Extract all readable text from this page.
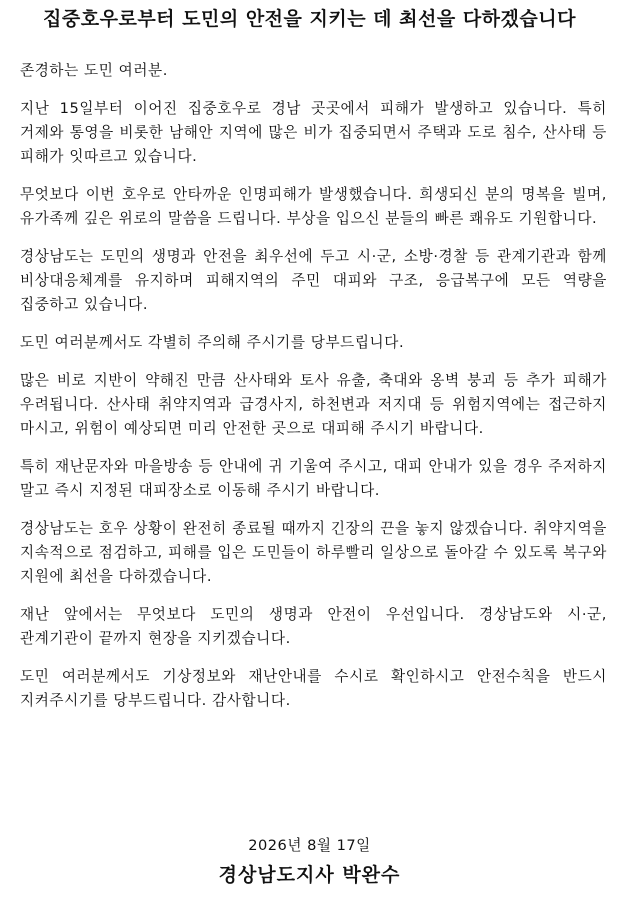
집중호우로부터 도민의 안전을 지키는 데 최선을 다하겠습니다

존경하는 도민 여러분.

지난 15일부터 이어진 집중호우로 경남 곳곳에서 피해가 발생하고 있습니다. 특히 거제와 통영을 비롯한 남해안 지역에 많은 비가 집중되면서 주택과 도로 침수, 산사태 등 피해가 잇따르고 있습니다.

무엇보다 이번 호우로 안타까운 인명피해가 발생했습니다. 희생되신 분의 명복을 빌며, 유가족께 깊은 위로의 말씀을 드립니다. 부상을 입으신 분들의 빠른 쾌유도 기원합니다.

경상남도는 도민의 생명과 안전을 최우선에 두고 시·군, 소방·경찰 등 관계기관과 함께 비상대응체계를 유지하며 피해지역의 주민 대피와 구조, 응급복구에 모든 역량을 집중하고 있습니다.

도민 여러분께서도 각별히 주의해 주시기를 당부드립니다.

많은 비로 지반이 약해진 만큼 산사태와 토사 유출, 축대와 옹벽 붕괴 등 추가 피해가 우려됩니다. 산사태 취약지역과 급경사지, 하천변과 저지대 등 위험지역에는 접근하지 마시고, 위험이 예상되면 미리 안전한 곳으로 대피해 주시기 바랍니다.

특히 재난문자와 마을방송 등 안내에 귀 기울여 주시고, 대피 안내가 있을 경우 주저하지 말고 즉시 지정된 대피장소로 이동해 주시기 바랍니다.

경상남도는 호우 상황이 완전히 종료될 때까지 긴장의 끈을 놓지 않겠습니다. 취약지역을 지속적으로 점검하고, 피해를 입은 도민들이 하루빨리 일상으로 돌아갈 수 있도록 복구와 지원에 최선을 다하겠습니다.

재난 앞에서는 무엇보다 도민의 생명과 안전이 우선입니다. 경상남도와 시·군, 관계기관이 끝까지 현장을 지키겠습니다.

도민 여러분께서도 기상정보와 재난안내를 수시로 확인하시고 안전수칙을 반드시 지켜주시기를 당부드립니다. 감사합니다.

2026년 8월 17일
경상남도지사 박완수
